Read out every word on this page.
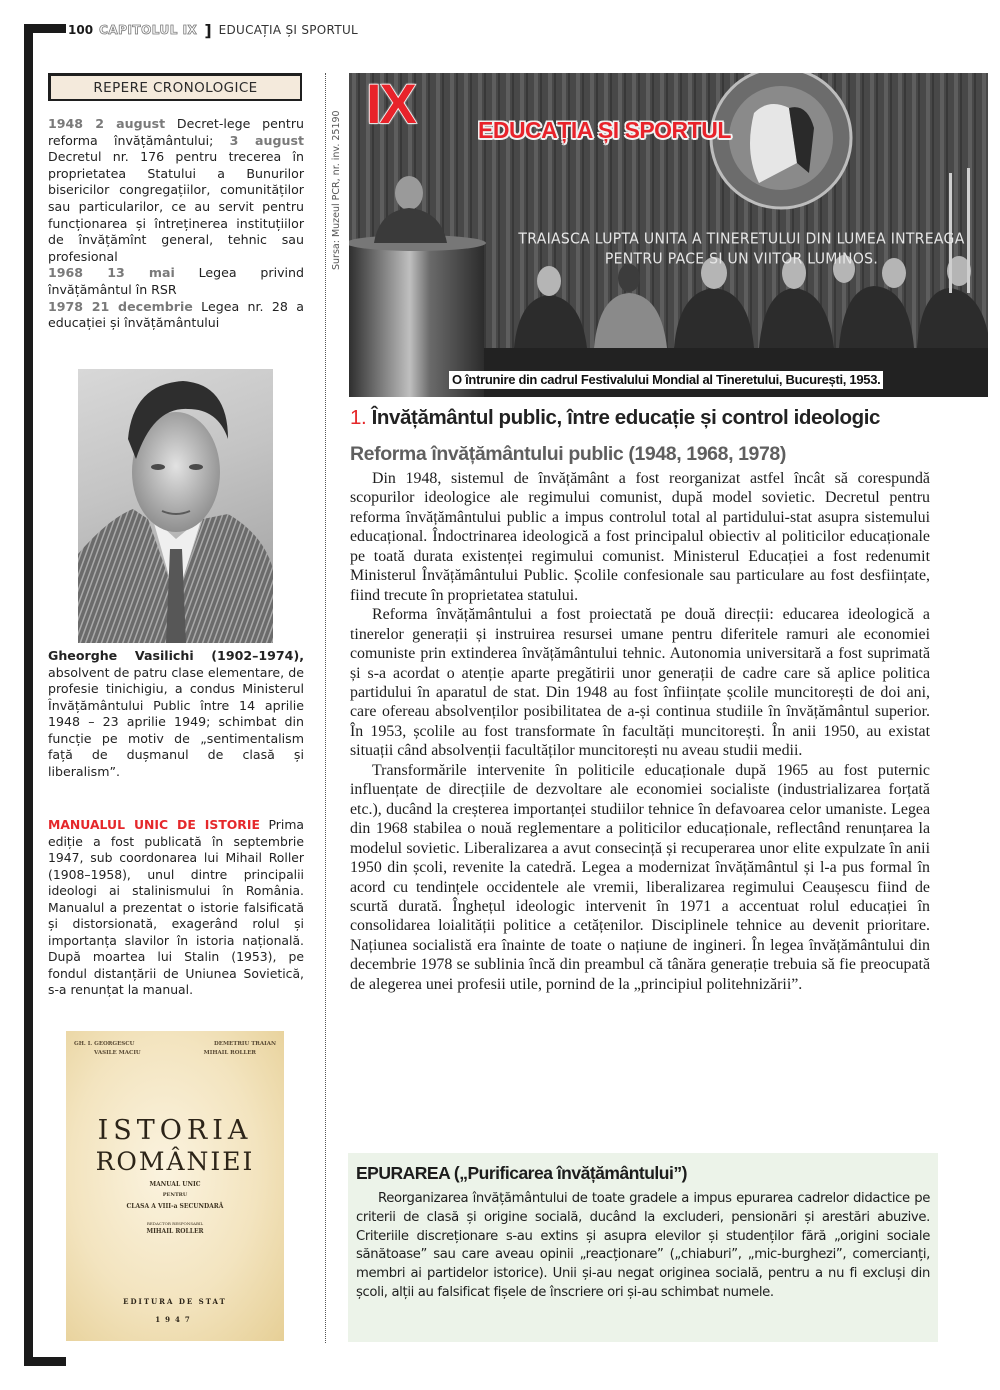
100 CAPITOLUL IX ] EDUCAȚIA ȘI SPORTUL
REPERE CRONOLOGICE
1948 2 august Decret-lege pentru reforma învățământului; 3 august Decretul nr. 176 pentru trecerea în proprietatea Statului a Bunurilor bisericilor congregațiilor, comunităților sau particularilor, ce au servit pentru funcționarea și întreținerea instituțiilor de învățămînt general, tehnic sau profesional
1968 13 mai Legea privind învățământul în RSR
1978 21 decembrie Legea nr. 28 a educației și învățământului
Gheorghe Vasilichi (1902–1974), absolvent de patru clase elementare, de profesie tinichigiu, a condus Ministerul Învățământului Public între 14 aprilie 1948 – 23 aprilie 1949; schimbat din funcție pe motiv de „sentimentalism față de dușmanul de clasă și liberalism”.
MANUALUL UNIC DE ISTORIE Prima ediție a fost publicată în septembrie 1947, sub coordonarea lui Mihail Roller (1908–1958), unul dintre principalii ideologi ai stalinismului în România. Manualul a prezentat o istorie falsificată și distorsionată, exagerând rolul și importanța slavilor în istoria națională. După moartea lui Stalin (1953), pe fondul distanțării de Uniunea Sovietică, s-a renunțat la manual.
GH. I. GEORGESCU	DEMETRIU TRAIAN
VASILE MACIU	MIHAIL ROLLER
ISTORIA
ROMÂNIEI
MANUAL UNIC
PENTRU
CLASA A VIII-a SECUNDARĂ
REDACTOR RESPONSABIL
MIHAIL ROLLER
EDITURA DE STAT
1947
Sursa: Muzeul PCR, nr. inv. 25190
IX	EDUCAȚIA ȘI SPORTUL
TRAIASCA LUPTA UNITA A TINERETULUI DIN LUMEA INTREAGA
PENTRU PACE SI UN VIITOR LUMINOS.
O întrunire din cadrul Festivalului Mondial al Tineretului, București, 1953.
1. Învățământul public, între educație și control ideologic
Reforma învățământului public (1948, 1968, 1978)

Din 1948, sistemul de învățământ a fost reorganizat astfel încât să corespundă scopurilor ideologice ale regimului comunist, după model sovietic. Decretul pentru reforma învățământului public a impus controlul total al partidului-stat asupra sistemului educațional. Îndoctrinarea ideologică a fost principalul obiectiv al politicilor educaționale pe toată durata existenței regimului comunist. Ministerul Educației a fost redenumit Ministerul Învățământului Public. Școlile confesionale sau particulare au fost desființate, fiind trecute în proprietatea statului.

Reforma învățământului a fost proiectată pe două direcții: educarea ideologică a tinerelor generații și instruirea resursei umane pentru diferitele ramuri ale economiei comuniste prin extinderea învățământului tehnic. Autonomia universitară a fost suprimată și s-a acordat o atenție aparte pregătirii unor generații de cadre care să aplice politica partidului în aparatul de stat. Din 1948 au fost înființate școlile muncitorești de doi ani, care ofereau absolvenților posibilitatea de a-și continua studiile în învățământul superior. În 1953, școlile au fost transformate în facultăți muncitorești. În anii 1950, au existat situații când absolvenții facultăților muncitorești nu aveau studii medii.

Transformările intervenite în politicile educaționale după 1965 au fost puternic influențate de direcțiile de dezvoltare ale economiei socialiste (industrializarea forțată etc.), ducând la creșterea importanței studiilor tehnice în defavoarea celor umaniste. Legea din 1968 stabilea o nouă reglementare a politicilor educaționale, reflectând renunțarea la modelul sovietic. Liberalizarea a avut consecință și recuperarea unor elite expulzate în anii 1950 din școli, revenite la catedră. Legea a modernizat învățământul și l-a pus formal în acord cu tendințele occidentele ale vremii, liberalizarea regimului Ceaușescu fiind de scurtă durată. Înghețul ideologic intervenit în 1971 a accentuat rolul educației în consolidarea loialității politice a cetățenilor. Disciplinele tehnice au devenit prioritare. Națiunea socialistă era înainte de toate o națiune de ingineri. În legea învățământului din decembrie 1978 se sublinia încă din preambul că tânăra generație trebuia să fie preocupată de alegerea unei profesii utile, pornind de la „principiul politehnizării”.

EPURAREA („Purificarea învățământului”)
Reorganizarea învățământului de toate gradele a impus epurarea cadrelor didactice pe criterii de clasă și origine socială, ducând la excluderi, pensionări și arestări abuzive. Criteriile discreționare s-au extins și asupra elevilor și studenților fără „origini sociale sănătoase” sau care aveau opinii „reacționare” („chiaburi”, „mic-burghezi”, comercianți, membri ai partidelor istorice). Unii și-au negat originea socială, pentru a nu fi excluși din școli, alții au falsificat fișele de înscriere ori și-au schimbat numele.
